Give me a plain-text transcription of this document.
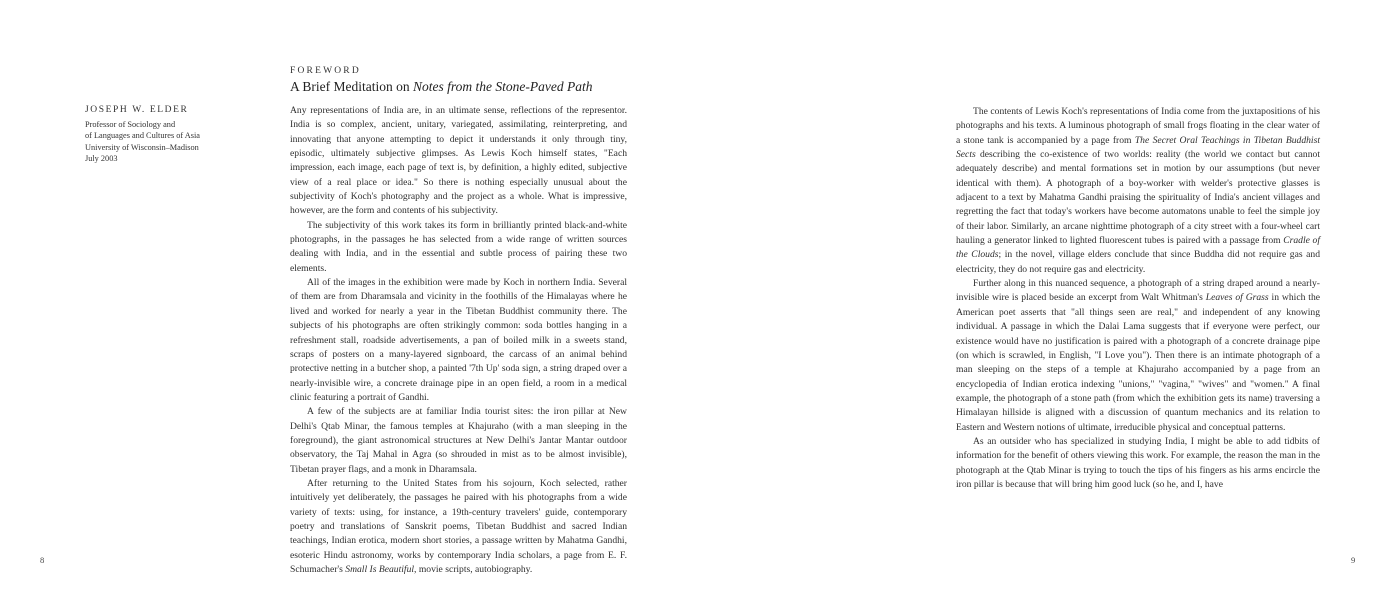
JOSEPH W. ELDER
Professor of Sociology and
of Languages and Cultures of Asia
University of Wisconsin–Madison
July 2003
FOREWORD
A Brief Meditation on Notes from the Stone-Paved Path

Any representations of India are, in an ultimate sense, reflections of the representor. India is so complex, ancient, unitary, variegated, assimilating, reinterpreting, and innovating that anyone attempting to depict it understands it only through tiny, episodic, ultimately subjective glimpses. As Lewis Koch himself states, "Each impression, each image, each page of text is, by definition, a highly edited, subjective view of a real place or idea." So there is nothing especially unusual about the subjectivity of Koch's photography and the project as a whole. What is impressive, however, are the form and contents of his subjectivity.

The subjectivity of this work takes its form in brilliantly printed black-and-white photographs, in the passages he has selected from a wide range of written sources dealing with India, and in the essential and subtle process of pairing these two elements.

All of the images in the exhibition were made by Koch in northern India. Several of them are from Dharamsala and vicinity in the foothills of the Himalayas where he lived and worked for nearly a year in the Tibetan Buddhist community there. The subjects of his photographs are often strikingly common: soda bottles hanging in a refreshment stall, roadside advertisements, a pan of boiled milk in a sweets stand, scraps of posters on a many-layered signboard, the carcass of an animal behind protective netting in a butcher shop, a painted '7th Up' soda sign, a string draped over a nearly-invisible wire, a concrete drainage pipe in an open field, a room in a medical clinic featuring a portrait of Gandhi.

A few of the subjects are at familiar India tourist sites: the iron pillar at New Delhi's Qtab Minar, the famous temples at Khajuraho (with a man sleeping in the foreground), the giant astronomical structures at New Delhi's Jantar Mantar outdoor observatory, the Taj Mahal in Agra (so shrouded in mist as to be almost invisible), Tibetan prayer flags, and a monk in Dharamsala.

After returning to the United States from his sojourn, Koch selected, rather intuitively yet deliberately, the passages he paired with his photographs from a wide variety of texts: using, for instance, a 19th-century travelers' guide, contemporary poetry and translations of Sanskrit poems, Tibetan Buddhist and sacred Indian teachings, Indian erotica, modern short stories, a passage written by Mahatma Gandhi, esoteric Hindu astronomy, works by contemporary India scholars, a page from E. F. Schumacher's Small Is Beautiful, movie scripts, autobiography.

8

The contents of Lewis Koch's representations of India come from the juxtapositions of his photographs and his texts. A luminous photograph of small frogs floating in the clear water of a stone tank is accompanied by a page from The Secret Oral Teachings in Tibetan Buddhist Sects describing the co-existence of two worlds: reality (the world we contact but cannot adequately describe) and mental formations set in motion by our assumptions (but never identical with them). A photograph of a boy-worker with welder's protective glasses is adjacent to a text by Mahatma Gandhi praising the spirituality of India's ancient villages and regretting the fact that today's workers have become automatons unable to feel the simple joy of their labor. Similarly, an arcane nighttime photograph of a city street with a four-wheel cart hauling a generator linked to lighted fluorescent tubes is paired with a passage from Cradle of the Clouds; in the novel, village elders conclude that since Buddha did not require gas and electricity, they do not require gas and electricity.

Further along in this nuanced sequence, a photograph of a string draped around a nearly-invisible wire is placed beside an excerpt from Walt Whitman's Leaves of Grass in which the American poet asserts that "all things seen are real," and independent of any knowing individual. A passage in which the Dalai Lama suggests that if everyone were perfect, our existence would have no justification is paired with a photograph of a concrete drainage pipe (on which is scrawled, in English, "I Love you"). Then there is an intimate photograph of a man sleeping on the steps of a temple at Khajuraho accompanied by a page from an encyclopedia of Indian erotica indexing "unions," "vagina," "wives" and "women." A final example, the photograph of a stone path (from which the exhibition gets its name) traversing a Himalayan hillside is aligned with a discussion of quantum mechanics and its relation to Eastern and Western notions of ultimate, irreducible physical and conceptual patterns.

As an outsider who has specialized in studying India, I might be able to add tidbits of information for the benefit of others viewing this work. For example, the reason the man in the photograph at the Qtab Minar is trying to touch the tips of his fingers as his arms encircle the iron pillar is because that will bring him good luck (so he, and I, have

9
